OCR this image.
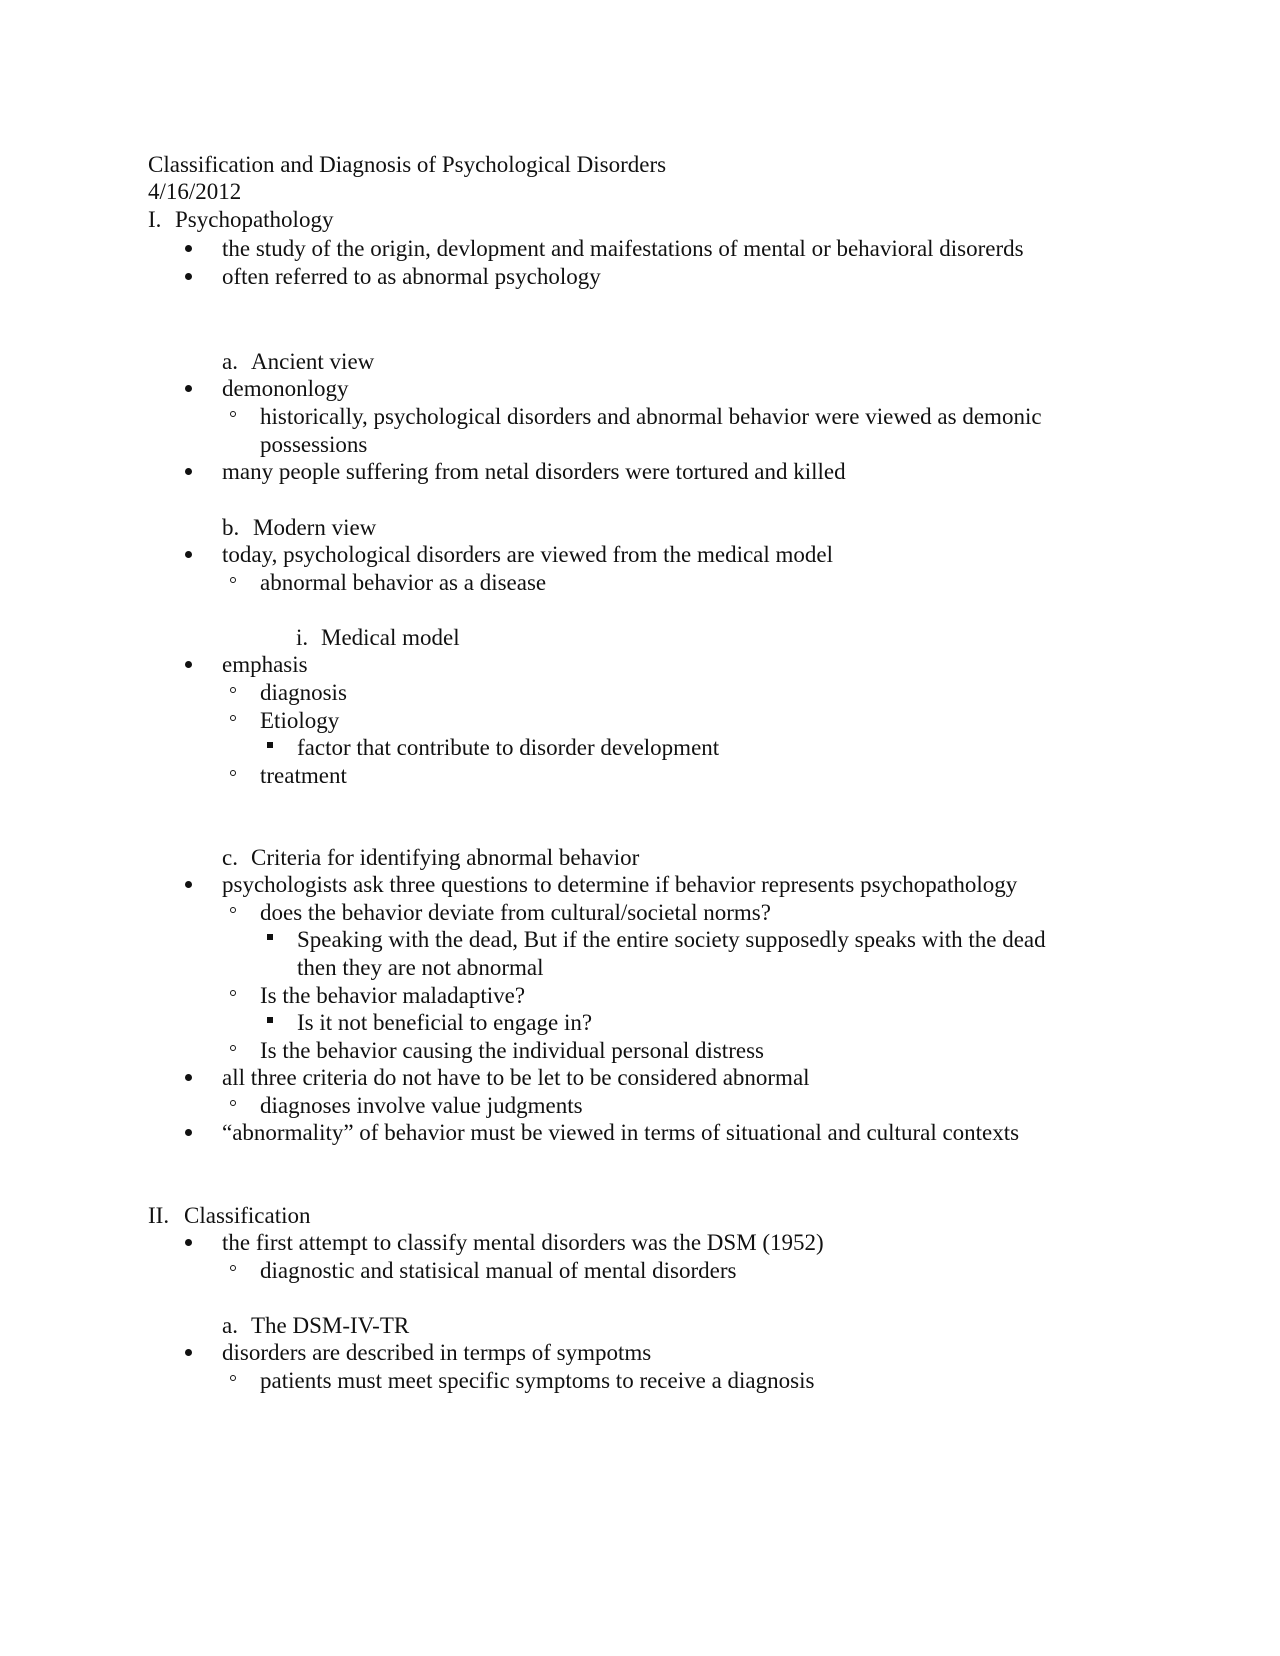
Classification and Diagnosis of Psychological Disorders
4/16/2012
I. Psychopathology
the study of the origin, devlopment and maifestations of mental or behavioral disorerds
often referred to as abnormal psychology
a. Ancient view
demononlogy
historically, psychological disorders and abnormal behavior were viewed as demonic
possessions
many people suffering from netal disorders were tortured and killed
b. Modern view
today, psychological disorders are viewed from the medical model
abnormal behavior as a disease
i. Medical model
emphasis
diagnosis
Etiology
factor that contribute to disorder development
treatment
c. Criteria for identifying abnormal behavior
psychologists ask three questions to determine if behavior represents psychopathology
does the behavior deviate from cultural/societal norms?
Speaking with the dead, But if the entire society supposedly speaks with the dead
then they are not abnormal
Is the behavior maladaptive?
Is it not beneficial to engage in?
Is the behavior causing the individual personal distress
all three criteria do not have to be let to be considered abnormal
diagnoses involve value judgments
“abnormality” of behavior must be viewed in terms of situational and cultural contexts
II. Classification
the first attempt to classify mental disorders was the DSM (1952)
diagnostic and statisical manual of mental disorders
a. The DSM-IV-TR
disorders are described in termps of sympotms
patients must meet specific symptoms to receive a diagnosis
